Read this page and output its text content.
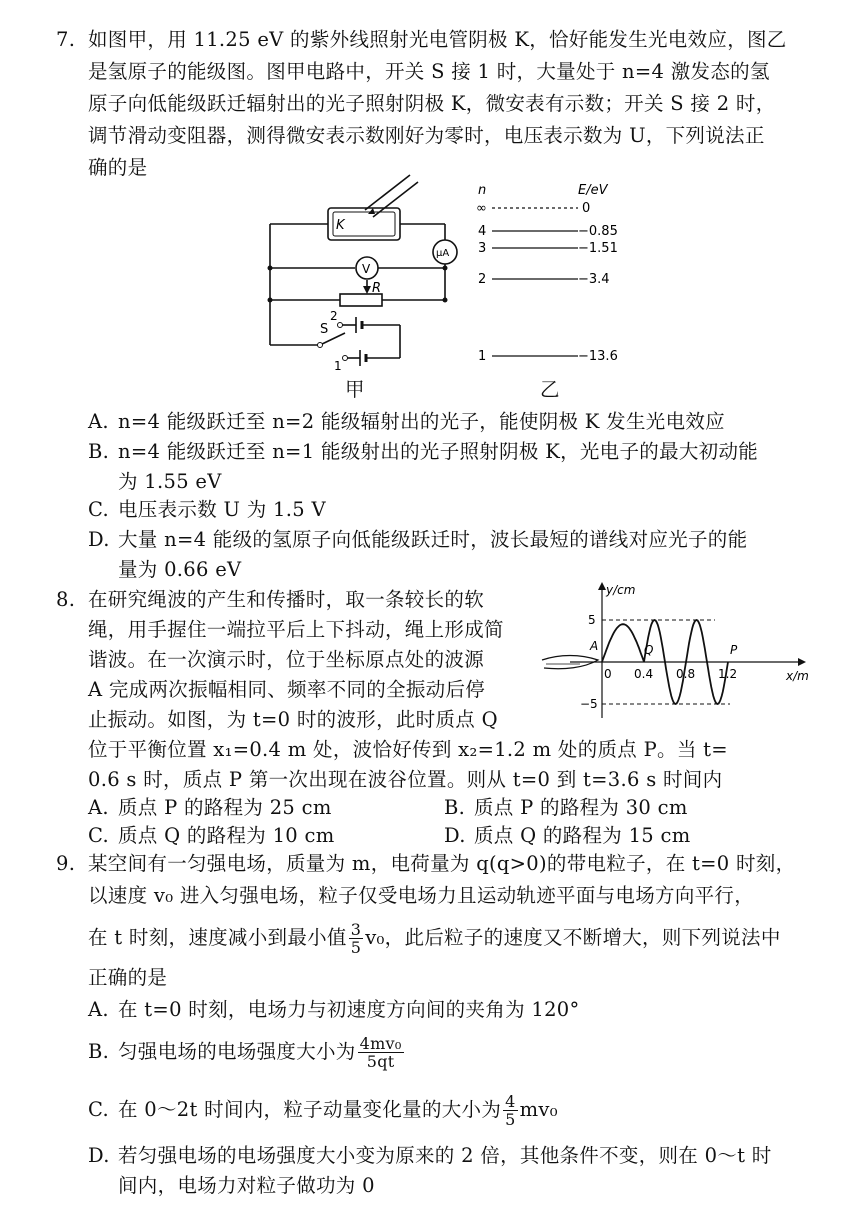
7. 如图甲，用 11.25 eV 的紫外线照射光电管阴极 K，恰好能发生光电效应，图乙
是氢原子的能级图。图甲电路中，开关 S 接 1 时，大量处于 n=4 激发态的氢
原子向低能级跃迁辐射出的光子照射阴极 K，微安表有示数；开关 S 接 2 时，
调节滑动变阻器，测得微安表示数刚好为零时，电压表示数为 U，下列说法正
确的是
K
μA
V
R
S
2
1
甲
n	E/eV
∞	0
4	−0.85
3	−1.51
2	−3.4
1	−13.6
乙
A. n=4 能级跃迁至 n=2 能级辐射出的光子，能使阴极 K 发生光电效应
B. n=4 能级跃迁至 n=1 能级射出的光子照射阴极 K，光电子的最大初动能
为 1.55 eV
C. 电压表示数 U 为 1.5 V
D. 大量 n=4 能级的氢原子向低能级跃迁时，波长最短的谱线对应光子的能
量为 0.66 eV
8. 在研究绳波的产生和传播时，取一条较长的软
绳，用手握住一端拉平后上下抖动，绳上形成简
谐波。在一次演示时，位于坐标原点处的波源
A 完成两次振幅相同、频率不同的全振动后停
止振动。如图，为 t=0 时的波形，此时质点 Q
位于平衡位置 x₁=0.4 m 处，波恰好传到 x₂=1.2 m 处的质点 P。当 t=
0.6 s 时，质点 P 第一次出现在波谷位置。则从 t=0 到 t=3.6 s 时间内
y/cm
x/m
5
−5
0 0.4 0.8 1.2
A	Q	P
A. 质点 P 的路程为 25 cm	B. 质点 P 的路程为 30 cm
C. 质点 Q 的路程为 10 cm	D. 质点 Q 的路程为 15 cm
9. 某空间有一匀强电场，质量为 m，电荷量为 q(q>0)的带电粒子，在 t=0 时刻，
以速度 v₀ 进入匀强电场，粒子仅受电场力且运动轨迹平面与电场方向平行，
在 t 时刻，速度减小到最小值 $\frac{3}{5} v_0$，此后粒子的速度又不断增大，则下列说法中
正确的是
A. 在 t=0 时刻，电场力与初速度方向间的夹角为 120°
B. 匀强电场的电场强度大小为 $\frac{\text{4mv₀}}{5qt}$
C. 在 0～2t 时间内，粒子动量变化量的大小为 $\frac{4}{5} mv_0$
D. 若匀强电场的电场强度大小变为原来的 2 倍，其他条件不变，则在 0～t 时
间内，电场力对粒子做功为 0
